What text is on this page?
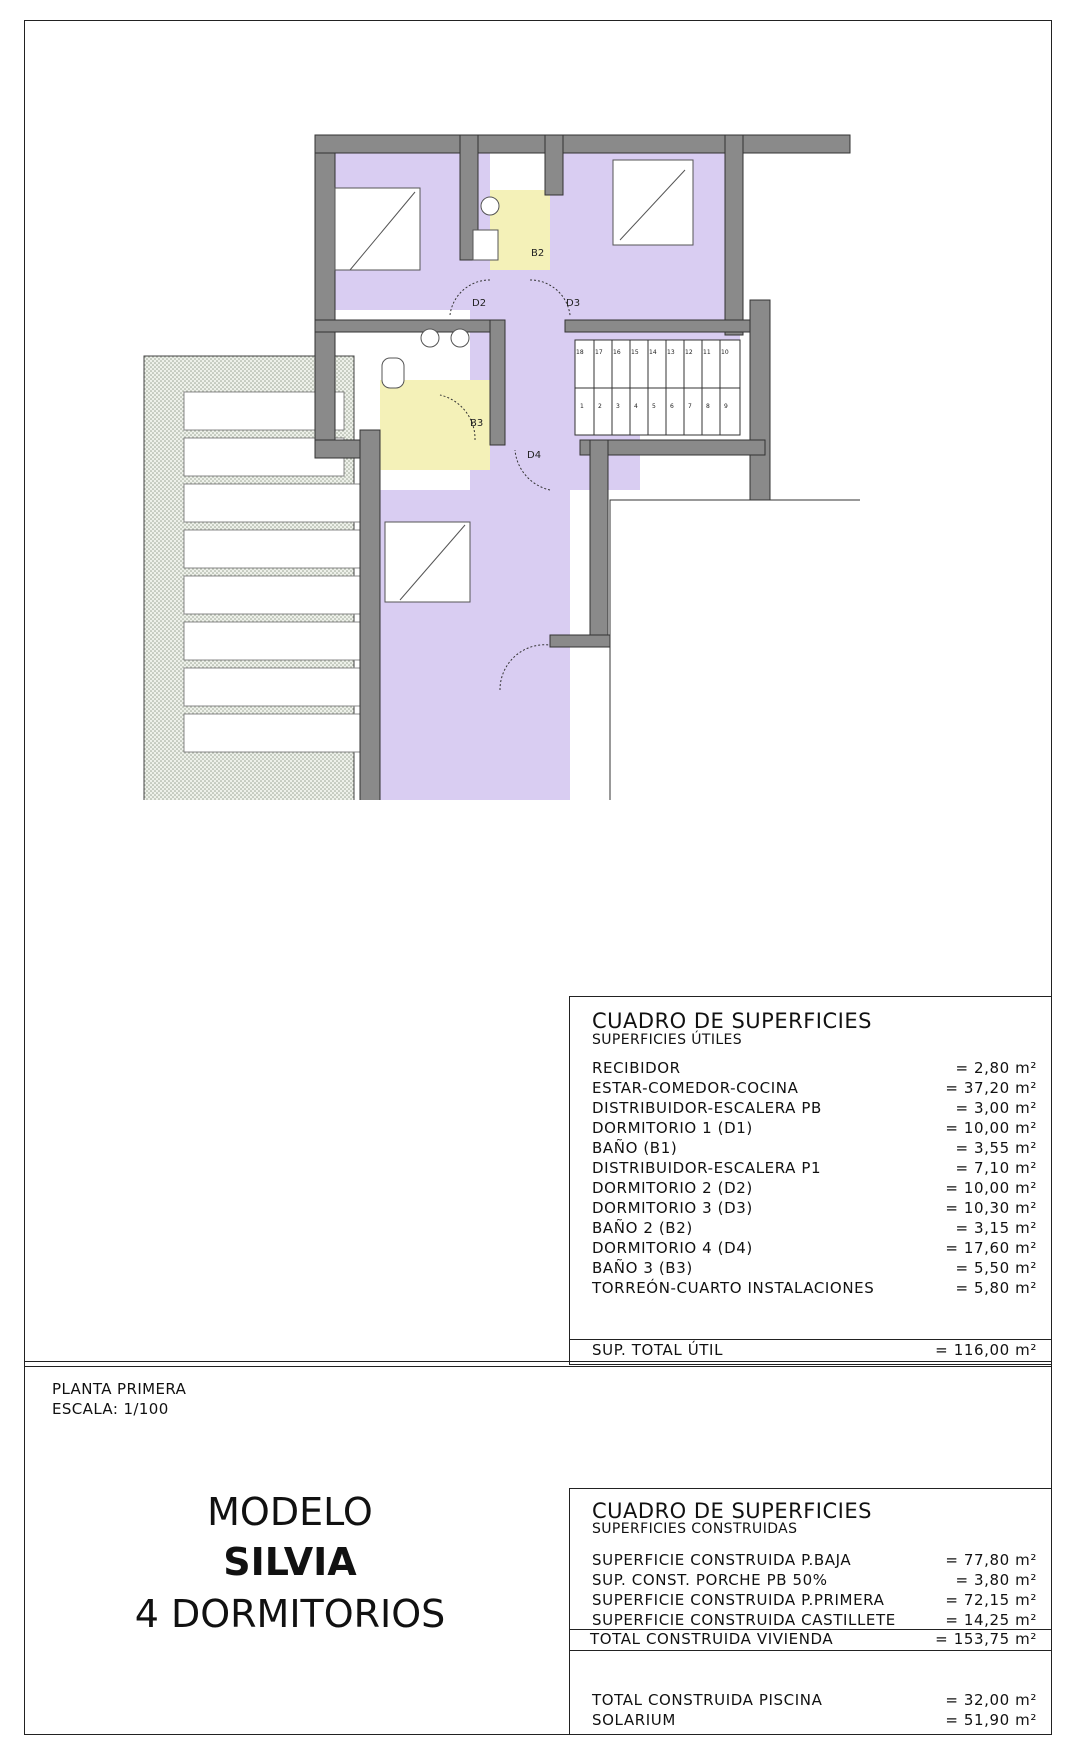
18 17 16 15 14 13 12 11 10
1 2 3 4 5 6 7 8 9
D2	D3
D4
B2
B3
CUADRO DE SUPERFICIES
SUPERFICIES ÚTILES
RECIBIDOR	= 2,80 m²
ESTAR-COMEDOR-COCINA	= 37,20 m²
DISTRIBUIDOR-ESCALERA PB	= 3,00 m²
DORMITORIO 1 (D1)	= 10,00 m²
BAÑO (B1)	= 3,55 m²
DISTRIBUIDOR-ESCALERA P1	= 7,10 m²
DORMITORIO 2 (D2)	= 10,00 m²
DORMITORIO 3 (D3)	= 10,30 m²
BAÑO 2 (B2)	= 3,15 m²
DORMITORIO 4 (D4)	= 17,60 m²
BAÑO 3 (B3)	= 5,50 m²
TORREÓN-CUARTO INSTALACIONES	= 5,80 m²
SUP. TOTAL ÚTIL	= 116,00 m²
PLANTA PRIMERA
ESCALA: 1/100
MODELO
SILVIA
4 DORMITORIOS
CUADRO DE SUPERFICIES
SUPERFICIES CONSTRUIDAS
SUPERFICIE CONSTRUIDA P.BAJA	= 77,80 m²
SUP. CONST. PORCHE PB 50%	= 3,80 m²
SUPERFICIE CONSTRUIDA P.PRIMERA	= 72,15 m²
SUPERFICIE CONSTRUIDA CASTILLETE	= 14,25 m²
TOTAL CONSTRUIDA VIVIENDA	= 153,75 m²
TOTAL CONSTRUIDA PISCINA	= 32,00 m²
SOLARIUM	= 51,90 m²
